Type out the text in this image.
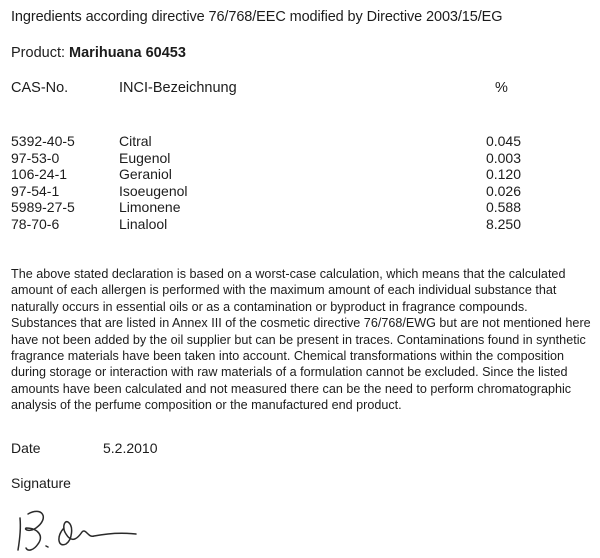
Ingredients according directive 76/768/EEC modified by Directive 2003/15/EG
Product: Marihuana 60453
CAS-No.	INCI-Bezeichnung	%
5392-40-5	Citral	0.045
97-53-0	Eugenol	0.003
106-24-1	Geraniol	0.120
97-54-1	Isoeugenol	0.026
5989-27-5	Limonene	0.588
78-70-6	Linalool	8.250
The above stated declaration is based on a worst-case calculation, which means that the calculated amount of each allergen is performed with the maximum amount of each individual substance that naturally occurs in essential oils or as a contamination or byproduct in fragrance compounds. Substances that are listed in Annex III of the cosmetic directive 76/768/EWG but are not mentioned here have not been added by the oil supplier but can be present in traces. Contaminations found in synthetic fragrance materials have been taken into account. Chemical transformations within the composition during storage or interaction with raw materials of a formulation cannot be excluded. Since the listed amounts have been calculated and not measured there can be the need to perform chromatographic analysis of the perfume composition or the manufactured end product.
Date	5.2.2010
Signature
